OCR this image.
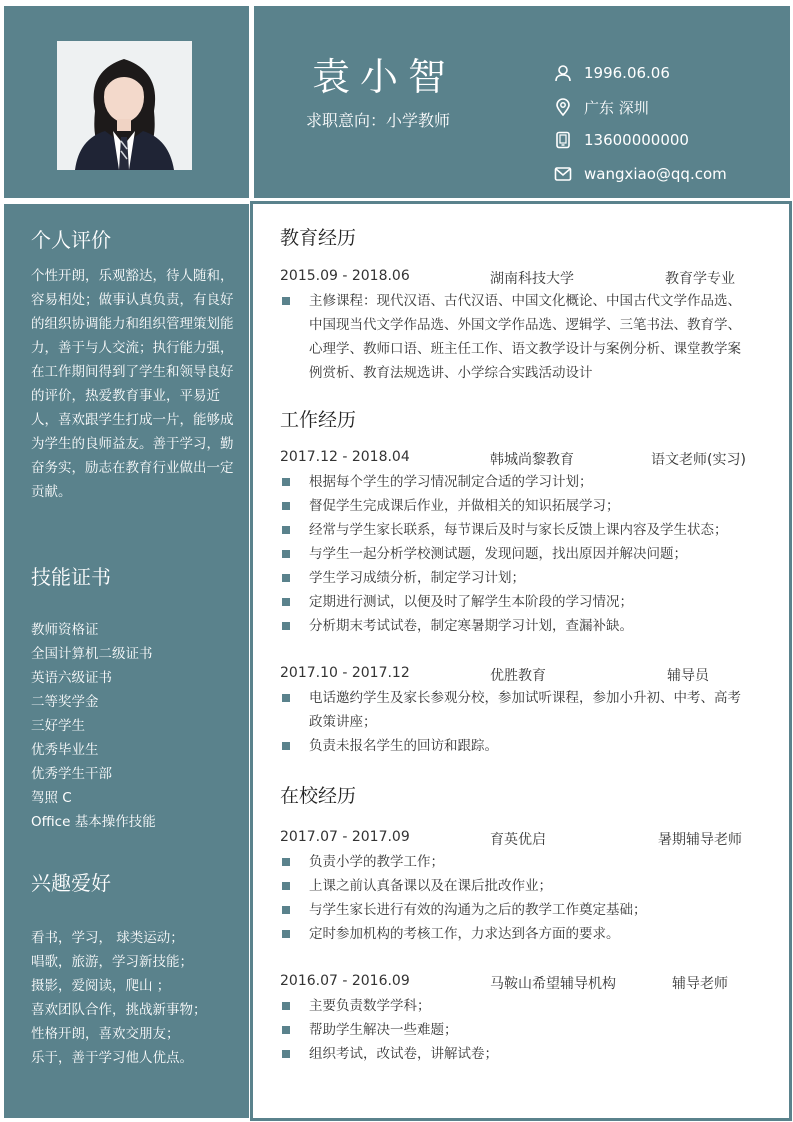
袁小智
求职意向：小学教师
1996.06.06
广东 深圳
13600000000
wangxiao@qq.com
个人评价
个性开朗，乐观豁达，待人随和，容易相处；做事认真负责，有良好的组织协调能力和组织管理策划能力，善于与人交流；执行能力强，在工作期间得到了学生和领导良好的评价，热爱教育事业，平易近人，喜欢跟学生打成一片，能够成为学生的良师益友。善于学习，勤奋务实，励志在教育行业做出一定贡献。
技能证书
教师资格证
全国计算机二级证书
英语六级证书
二等奖学金
三好学生
优秀毕业生
优秀学生干部
驾照 C
Office 基本操作技能
兴趣爱好
看书，学习， 球类运动；
唱歌，旅游，学习新技能；
摄影，爱阅读，爬山 ；
喜欢团队合作，挑战新事物；
性格开朗，喜欢交朋友；
乐于，善于学习他人优点。
教育经历
2015.09 - 2018.06	湖南科技大学	教育学专业
主修课程：现代汉语、古代汉语、中国文化概论、中国古代文学作品选、中国现当代文学作品选、外国文学作品选、逻辑学、三笔书法、教育学、心理学、教师口语、班主任工作、语文教学设计与案例分析、课堂教学案例赏析、教育法规选讲、小学综合实践活动设计
工作经历
2017.12 - 2018.04	韩城尚黎教育	语文老师(实习)
根据每个学生的学习情况制定合适的学习计划；
督促学生完成课后作业，并做相关的知识拓展学习；
经常与学生家长联系，每节课后及时与家长反馈上课内容及学生状态；
与学生一起分析学校测试题，发现问题，找出原因并解决问题；
学生学习成绩分析，制定学习计划；
定期进行测试，以便及时了解学生本阶段的学习情况；
分析期末考试试卷，制定寒暑期学习计划，查漏补缺。
2017.10 - 2017.12	优胜教育	辅导员
电话邀约学生及家长参观分校，参加试听课程，参加小升初、中考、高考政策讲座；
负责未报名学生的回访和跟踪。
在校经历
2017.07 - 2017.09	育英优启	暑期辅导老师
负责小学的教学工作；
上课之前认真备课以及在课后批改作业；
与学生家长进行有效的沟通为之后的教学工作奠定基础；
定时参加机构的考核工作，力求达到各方面的要求。
2016.07 - 2016.09	马鞍山希望辅导机构	辅导老师
主要负责数学学科；
帮助学生解决一些难题；
组织考试，改试卷，讲解试卷；
